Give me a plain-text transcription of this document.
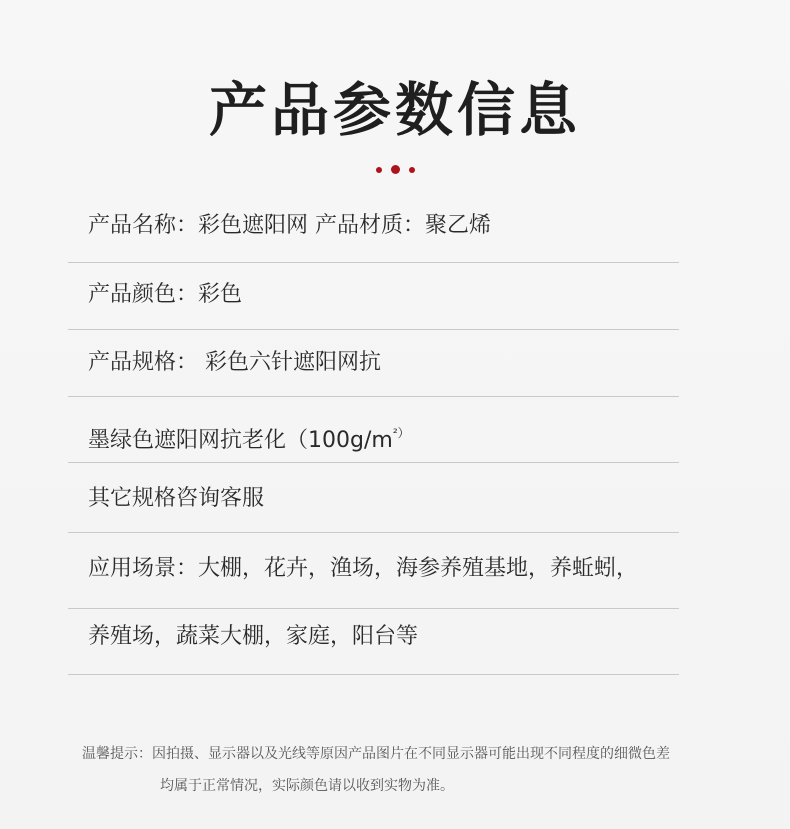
产品参数信息
产品名称：彩色遮阳网 产品材质：聚乙烯
产品颜色：彩色
产品规格： 彩色六针遮阳网抗
墨绿色遮阳网抗老化（$100g/m^{^2)}$
其它规格咨询客服
应用场景：大棚，花卉，渔场，海参养殖基地，养蚯蚓，
养殖场，蔬菜大棚，家庭，阳台等
温馨提示：因拍摄、显示器以及光线等原因产品图片在不同显示器可能出现不同程度的细微色差
均属于正常情况，实际颜色请以收到实物为准。
